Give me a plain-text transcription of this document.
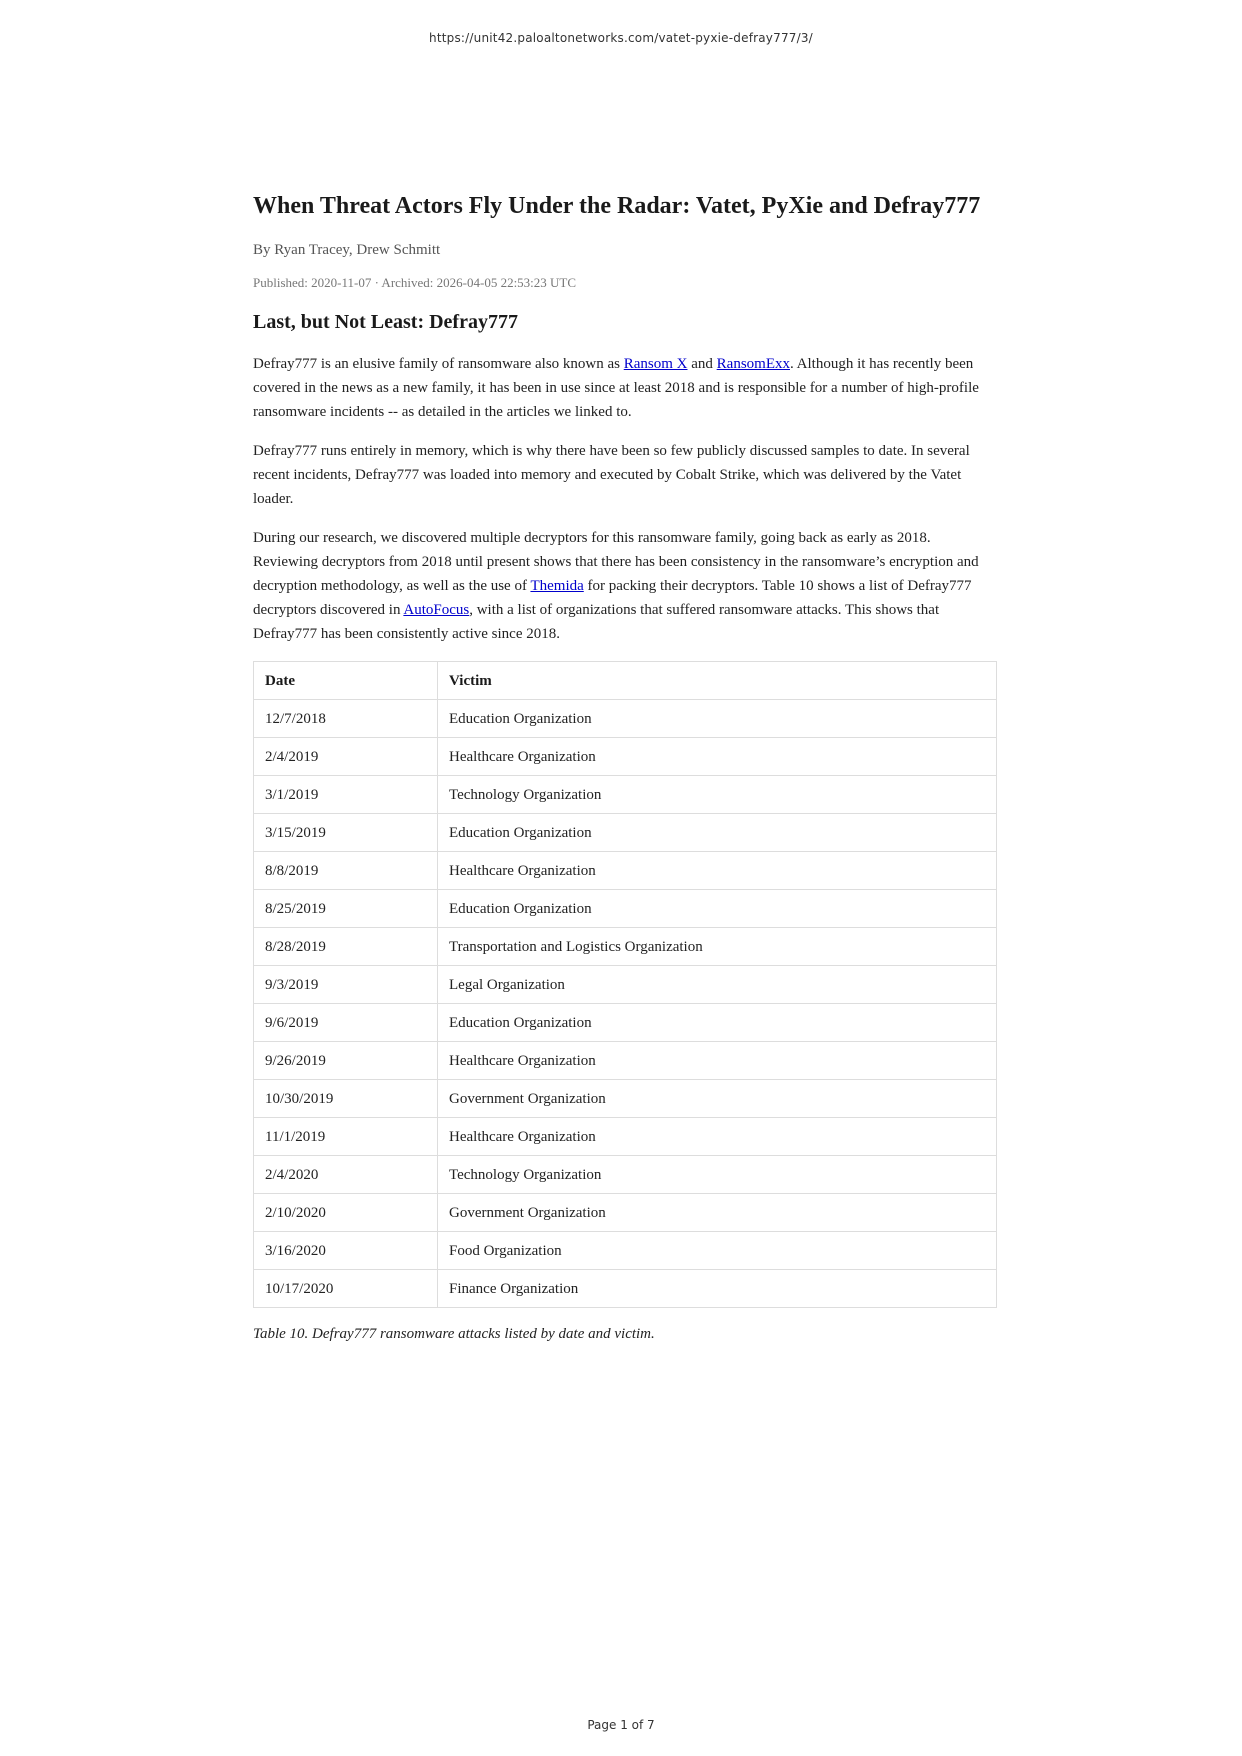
https://unit42.paloaltonetworks.com/vatet-pyxie-defray777/3/
When Threat Actors Fly Under the Radar: Vatet, PyXie and Defray777
By Ryan Tracey, Drew Schmitt
Published: 2020-11-07 · Archived: 2026-04-05 22:53:23 UTC
Last, but Not Least: Defray777

Defray777 is an elusive family of ransomware also known as Ransom X and RansomExx. Although it has recently been covered in the news as a new family, it has been in use since at least 2018 and is responsible for a number of high-profile ransomware incidents -- as detailed in the articles we linked to.

Defray777 runs entirely in memory, which is why there have been so few publicly discussed samples to date. In several recent incidents, Defray777 was loaded into memory and executed by Cobalt Strike, which was delivered by the Vatet loader.

During our research, we discovered multiple decryptors for this ransomware family, going back as early as 2018. Reviewing decryptors from 2018 until present shows that there has been consistency in the ransomware’s encryption and decryption methodology, as well as the use of Themida for packing their decryptors. Table 10 shows a list of Defray777 decryptors discovered in AutoFocus, with a list of organizations that suffered ransomware attacks. This shows that Defray777 has been consistently active since 2018.

Date	Victim
12/7/2018	Education Organization
2/4/2019	Healthcare Organization
3/1/2019	Technology Organization
3/15/2019	Education Organization
8/8/2019	Healthcare Organization
8/25/2019	Education Organization
8/28/2019	Transportation and Logistics Organization
9/3/2019	Legal Organization
9/6/2019	Education Organization
9/26/2019	Healthcare Organization
10/30/2019	Government Organization
11/1/2019	Healthcare Organization
2/4/2020	Technology Organization
2/10/2020	Government Organization
3/16/2020	Food Organization
10/17/2020	Finance Organization
Table 10. Defray777 ransomware attacks listed by date and victim.
Page 1 of 7
